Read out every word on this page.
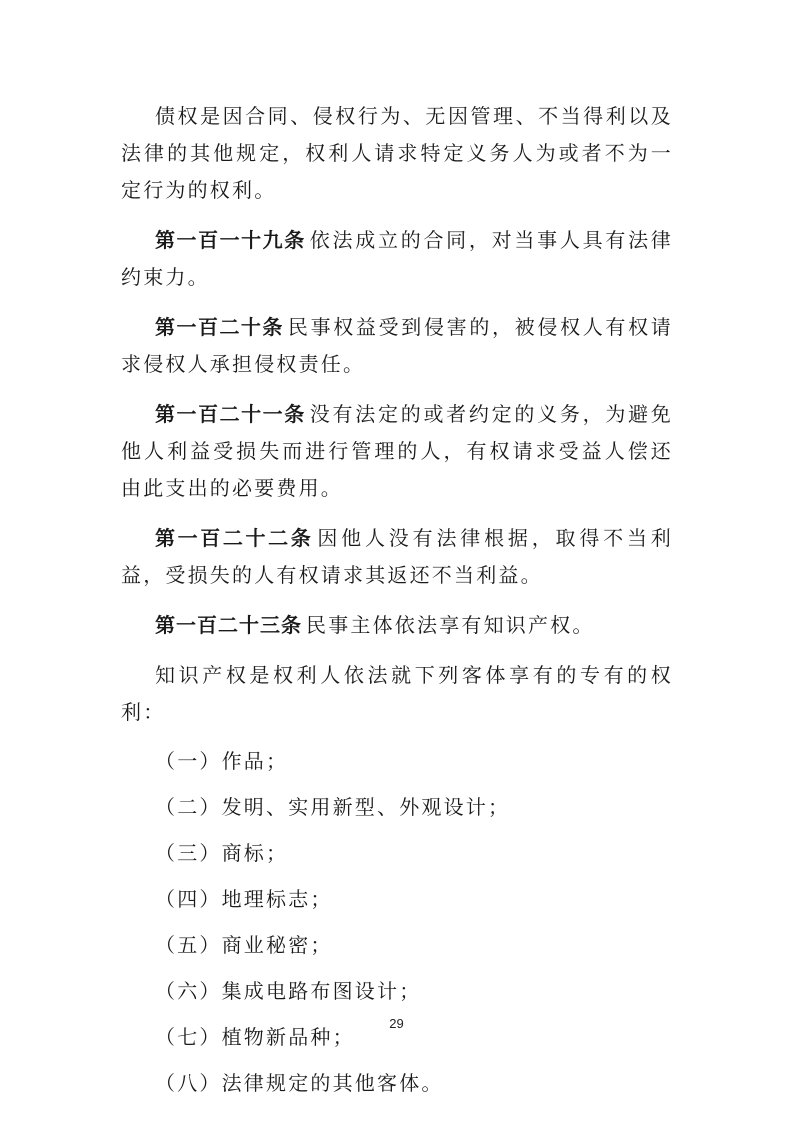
债权是因合同、侵权行为、无因管理、不当得利以及法律的其他规定，权利人请求特定义务人为或者不为一定行为的权利。

第一百一十九条 依法成立的合同，对当事人具有法律约束力。

第一百二十条 民事权益受到侵害的，被侵权人有权请求侵权人承担侵权责任。

第一百二十一条 没有法定的或者约定的义务，为避免他人利益受损失而进行管理的人，有权请求受益人偿还由此支出的必要费用。

第一百二十二条 因他人没有法律根据，取得不当利益，受损失的人有权请求其返还不当利益。

第一百二十三条 民事主体依法享有知识产权。

知识产权是权利人依法就下列客体享有的专有的权利：

（一）作品；

（二）发明、实用新型、外观设计；

（三）商标；

（四）地理标志；

（五）商业秘密；

（六）集成电路布图设计；

（七）植物新品种；

（八）法律规定的其他客体。

29
